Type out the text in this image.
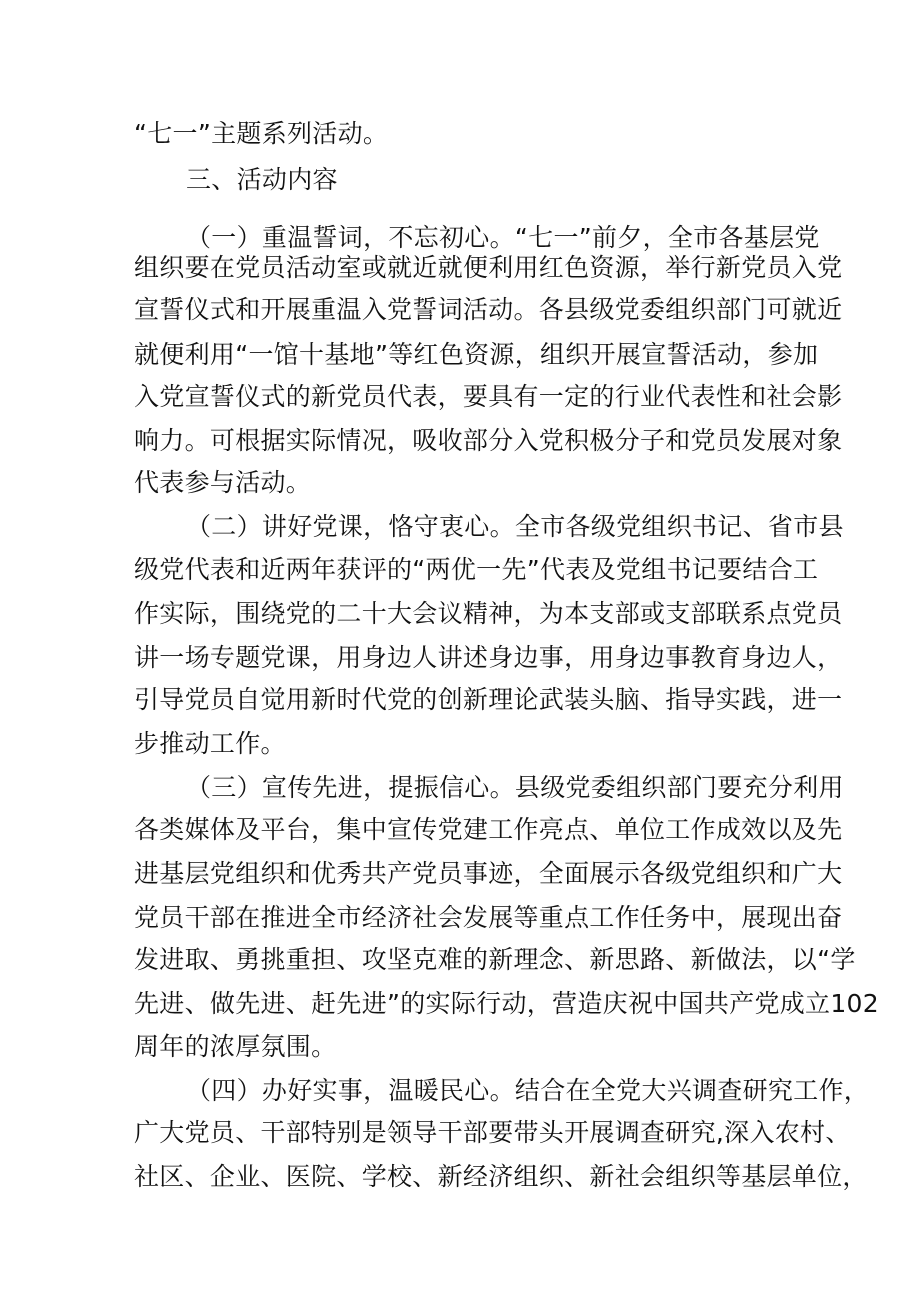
“七一”主题系列活动。
三、活动内容
（一）重温誓词，不忘初心。“七一”前夕，全市各基层党
组织要在党员活动室或就近就便利用红色资源，举行新党员入党
宣誓仪式和开展重温入党誓词活动。各县级党委组织部门可就近
就便利用“一馆十基地”等红色资源，组织开展宣誓活动，参加
入党宣誓仪式的新党员代表，要具有一定的行业代表性和社会影
响力。可根据实际情况，吸收部分入党积极分子和党员发展对象
代表参与活动。
（二）讲好党课，恪守衷心。全市各级党组织书记、省市县
级党代表和近两年获评的“两优一先”代表及党组书记要结合工
作实际，围绕党的二十大会议精神，为本支部或支部联系点党员
讲一场专题党课，用身边人讲述身边事，用身边事教育身边人，
引导党员自觉用新时代党的创新理论武装头脑、指导实践，进一
步推动工作。
（三）宣传先进，提振信心。县级党委组织部门要充分利用
各类媒体及平台，集中宣传党建工作亮点、单位工作成效以及先
进基层党组织和优秀共产党员事迹，全面展示各级党组织和广大
党员干部在推进全市经济社会发展等重点工作任务中，展现出奋
发进取、勇挑重担、攻坚克难的新理念、新思路、新做法，以“学
先进、做先进、赶先进”的实际行动，营造庆祝中国共产党成立102
周年的浓厚氛围。
（四）办好实事，温暖民心。结合在全党大兴调查研究工作，
广大党员、干部特别是领导干部要带头开展调查研究,深入农村、
社区、企业、医院、学校、新经济组织、新社会组织等基层单位，
